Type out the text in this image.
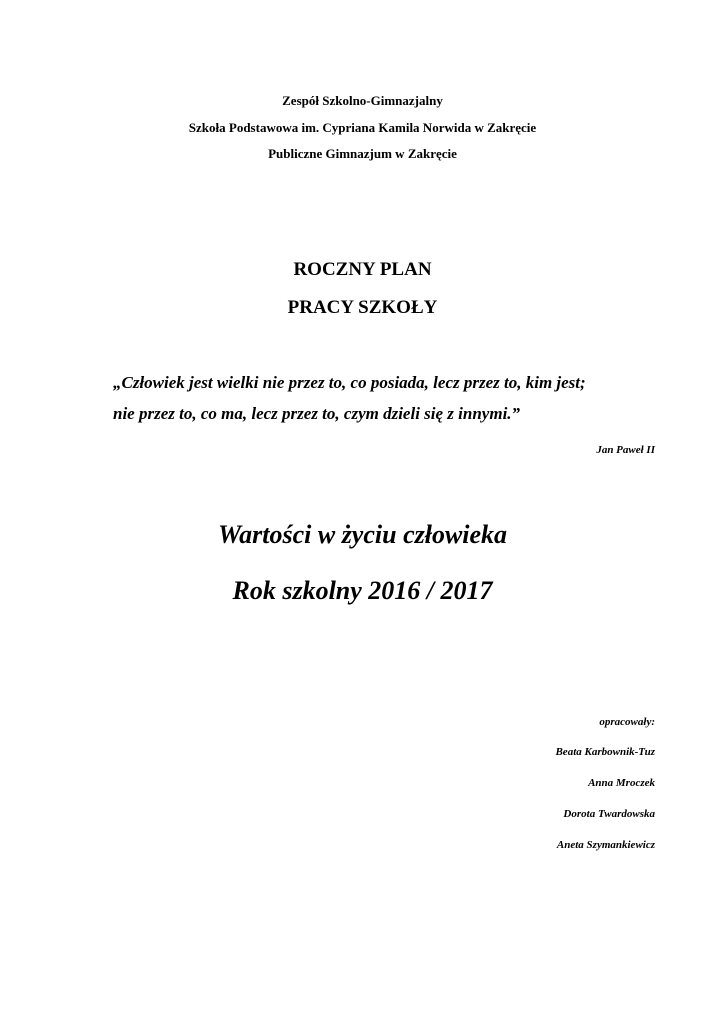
Zespół Szkolno-Gimnazjalny
Szkoła Podstawowa im. Cypriana Kamila Norwida w Zakręcie
Publiczne Gimnazjum w Zakręcie
ROCZNY PLAN
PRACY SZKOŁY
„Człowiek jest wielki nie przez to, co posiada, lecz przez to, kim jest;
nie przez to, co ma, lecz przez to, czym dzieli się z innymi.”
Jan Paweł II
Wartości w życiu człowieka
Rok szkolny 2016 / 2017
opracowały:
Beata Karbownik-Tuz
Anna Mroczek
Dorota Twardowska
Aneta Szymankiewicz
